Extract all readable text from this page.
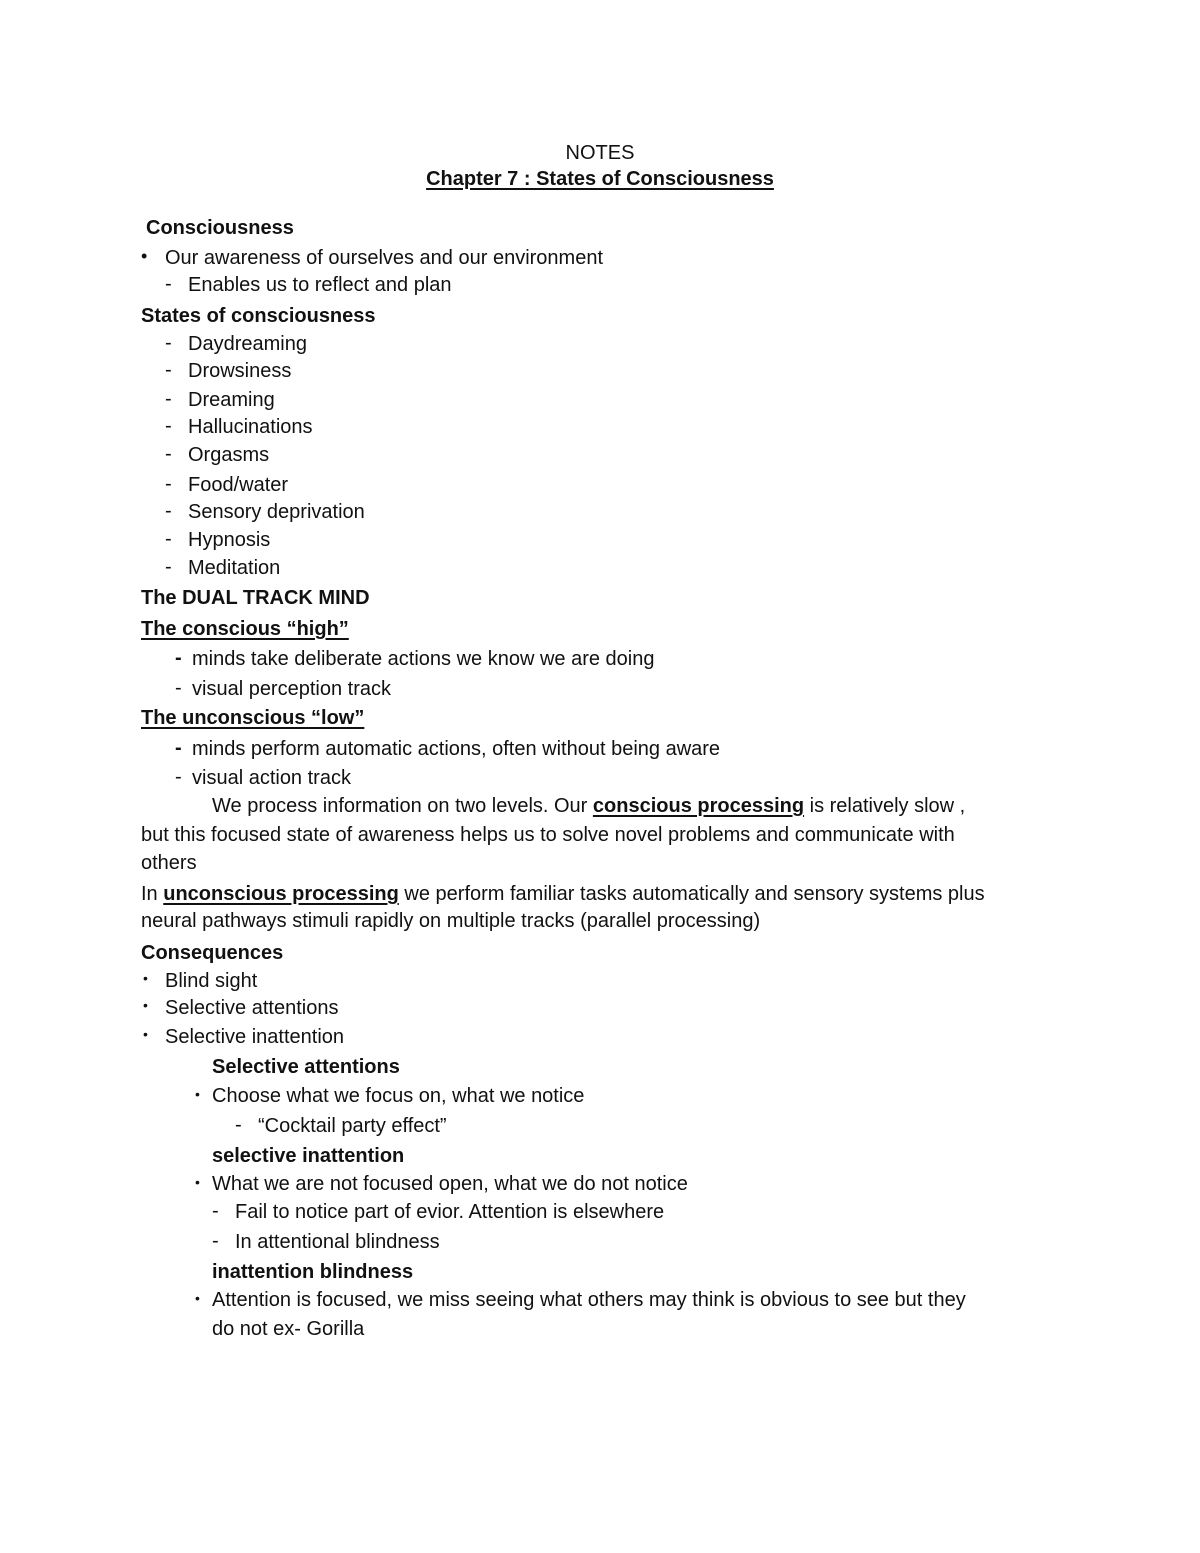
NOTES
Chapter 7 : States of Consciousness
Consciousness
• Our awareness of ourselves and our environment
- Enables us to reflect and plan
States of consciousness
- Daydreaming
- Drowsiness
- Dreaming
- Hallucinations
- Orgasms
- Food/water
- Sensory deprivation
- Hypnosis
- Meditation
The DUAL TRACK MIND
The conscious “high”
- minds take deliberate actions we know we are doing
- visual perception track
The unconscious “low”
- minds perform automatic actions, often without being aware
- visual action track
We process information on two levels. Our conscious processing is relatively slow ,
but this focused state of awareness helps us to solve novel problems and communicate with
others
In unconscious processing we perform familiar tasks automatically and sensory systems plus
neural pathways stimuli rapidly on multiple tracks (parallel processing)
Consequences
• Blind sight
• Selective attentions
• Selective inattention
Selective attentions
• Choose what we focus on, what we notice
- “Cocktail party effect”
selective inattention
• What we are not focused open, what we do not notice
- Fail to notice part of evior. Attention is elsewhere
- In attentional blindness
inattention blindness
• Attention is focused, we miss seeing what others may think is obvious to see but they
do not ex- Gorilla
